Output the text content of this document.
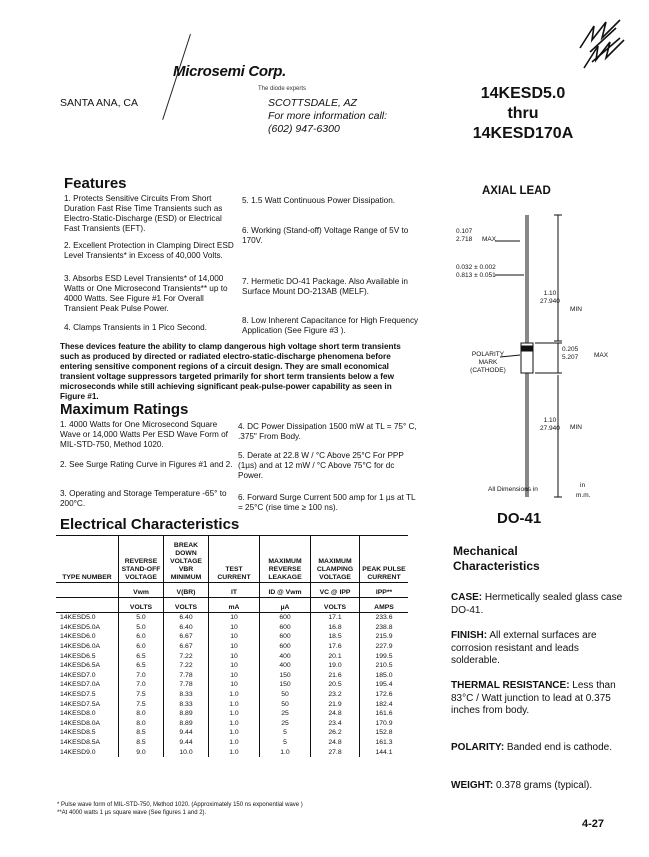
Microsemi Corp.
The diode experts
SANTA ANA, CA	SCOTTSDALE, AZ
For more information call:
(602) 947-6300
14KESD5.0
thru
14KESD170A
Features
1. Protects Sensitive Circuits From Short Duration Fast Rise Time Transients such as Electro-Static-Discharge (ESD) or Electrical Fast Transients (EFT).
2. Excellent Protection in Clamping Direct ESD Level Transients* in Excess of 40,000 Volts.
3. Absorbs ESD Level Transients* of 14,000 Watts or One Microsecond Transients** up to 4000 Watts. See Figure #1 For Overall Transient Peak Pulse Power.
4. Clamps Transients in 1 Pico Second.
5. 1.5 Watt Continuous Power Dissipation.
6. Working (Stand-off) Voltage Range of 5V to 170V.
7. Hermetic DO-41 Package. Also Available in Surface Mount DO-213AB (MELF).
8. Low Inherent Capacitance for High Frequency Application (See Figure #3 ).
These devices feature the ability to clamp dangerous high voltage short term transients such as produced by directed or radiated electro-static-discharge phenomena before entering sensitive component regions of a circuit design. They are small economical transient voltage suppressors targeted primarily for short term transients below a few microseconds while still achieving significant peak-pulse-power capability as seen in Figure #1.
Maximum Ratings
1. 4000 Watts for One Microsecond Square Wave or 14,000 Watts Per ESD Wave Form of MIL-STD-750, Method 1020.
2. See Surge Rating Curve in Figures #1 and 2.
3. Operating and Storage Temperature -65° to 200°C.
4. DC Power Dissipation 1500 mW at TL = 75° C, .375" From Body.
5. Derate at 22.8 W / °C Above 25°C For PPP (1µs) and at 12 mW / °C Above 75°C for dc Power.
6. Forward Surge Current 500 amp for 1 µs at TL = 25°C (rise time ≥ 100 ns).
AXIAL LEAD
0.107
2.718 MAX
0.032 ± 0.002
0.813 ± 0.051
1.10
27.940
MIN
0.205
5.207 MAX
POLARITY MARK (CATHODE)
1.10
27.940 MIN
All Dimensions in
in
m.m.
DO-41
Mechanical
Characteristics
CASE: Hermetically sealed glass case DO-41.
FINISH: All external surfaces are corrosion resistant and leads solderable.
THERMAL RESISTANCE: Less than 83°C / Watt junction to lead at 0.375 inches from body.
POLARITY: Banded end is cathode.
WEIGHT: 0.378 grams (typical).
Electrical Characteristics
TYPE NUMBER	REVERSE STAND-OFF VOLTAGE	BREAK DOWN VOLTAGE VBR MINIMUM	TEST CURRENT	MAXIMUM REVERSE LEAKAGE	MAXIMUM CLAMPING VOLTAGE	PEAK PULSE CURRENT
	Vwm	V(BR)	IT	ID @ Vwm	VC @ IPP	IPP**
	VOLTS	VOLTS	mA	µA	VOLTS	AMPS
14KESD5.0	5.0	6.40	10	600	17.1	233.6
14KESD5.0A	5.0	6.40	10	600	16.8	238.8
14KESD6.0	6.0	6.67	10	600	18.5	215.9
14KESD6.0A	6.0	6.67	10	600	17.6	227.9
14KESD6.5	6.5	7.22	10	400	20.1	199.5
14KESD6.5A	6.5	7.22	10	400	19.0	210.5
14KESD7.0	7.0	7.78	10	150	21.6	185.0
14KESD7.0A	7.0	7.78	10	150	20.5	195.4
14KESD7.5	7.5	8.33	1.0	50	23.2	172.6
14KESD7.5A	7.5	8.33	1.0	50	21.9	182.4
14KESD8.0	8.0	8.89	1.0	25	24.8	161.6
14KESD8.0A	8.0	8.89	1.0	25	23.4	170.9
14KESD8.5	8.5	9.44	1.0	5	26.2	152.8
14KESD8.5A	8.5	9.44	1.0	5	24.8	161.3
14KESD9.0	9.0	10.0	1.0	1.0	27.8	144.1
* Pulse wave form of MIL-STD-750, Method 1020. (Approximately 150 ns exponential wave )
**At 4000 watts 1 µs square wave (See figures 1 and 2).
4-27
